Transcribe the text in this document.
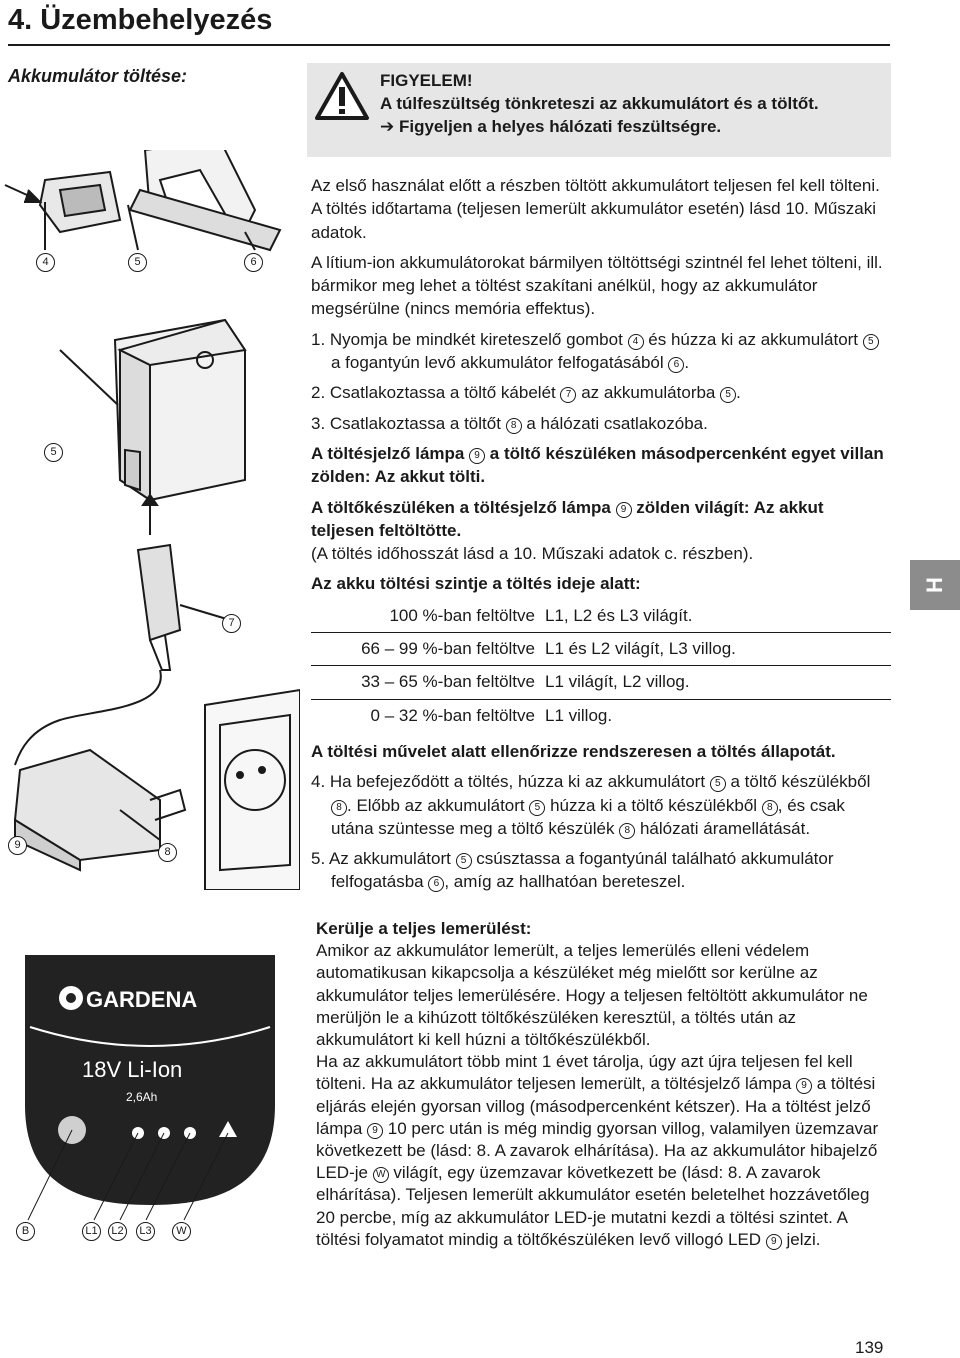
4. Üzembehelyezés
Akkumulátor töltése:	FIGYELEM!
A túlfeszültség tönkreteszi az akkumulátort és a töltőt.
➔ Figyeljen a helyes hálózati feszültségre.

Az első használat előtt a részben töltött akkumulátort teljesen fel kell tölteni. A töltés időtartama (teljesen lemerült akkumulátor esetén) lásd 10. Műszaki adatok.

A lítium-ion akkumulátorokat bármilyen töltöttségi szintnél fel lehet tölteni, ill. bármikor meg lehet a töltést szakítani anélkül, hogy az akkumulátor megsérülne (nincs memória effektus).

1. Nyomja be mindkét kireteszelő gombot 4 és húzza ki az akkumulátort 5 a fogantyún levő akkumulátor felfogatásából 6 .

2. Csatlakoztassa a töltő kábelét 7 az akkumulátorba 5 .

3. Csatlakoztassa a töltőt 8 a hálózati csatlakozóba.

A töltésjelző lámpa 9 a töltő készüléken másodpercenként egyet villan zölden: Az akkut tölti.

A töltőkészüléken a töltésjelző lámpa 9 zölden világít: Az akkut teljesen feltöltötte.

(A töltés időhosszát lásd a 10. Műszaki adatok c. részben).

Az akku töltési szintje a töltés ideje alatt:

100 %-ban feltöltve	L1, L2 és L3 világít.
66 – 99 %-ban feltöltve	L1 és L2 világít, L3 villog.
33 – 65 %-ban feltöltve	L1 világít, L2 villog.
0 – 32 %-ban feltöltve	L1 villog.

A töltési művelet alatt ellenőrizze rendszeresen a töltés állapotát.

4. Ha befejeződött a töltés, húzza ki az akkumulátort 5 a töltő készülékből 8 . Előbb az akkumulátort 5 húzza ki a töltő készülékből 8 , és csak utána szüntesse meg a töltő készülék 8 hálózati áramellátását.

5. Az akkumulátort 5 csúsztassa a fogantyúnál található akkumulátor felfogatásba 6 , amíg az hallhatóan bereteszel.

Kerülje a teljes lemerülést:

Amikor az akkumulátor lemerült, a teljes lemerülés elleni védelem automatikusan kikapcsolja a készüléket még mielőtt sor kerülne az akkumulátor teljes lemerülésére. Hogy a teljesen feltöltött akkumulátor ne merüljön le a kihúzott töltőkészüléken keresztül, a töltés után az akkumulátort ki kell húzni a töltőkészülékből.

Ha az akkumulátort több mint 1 évet tárolja, úgy azt újra teljesen fel kell tölteni. Ha az akkumulátor teljesen lemerült, a töltésjelző lámpa 9 a töltési eljárás elején gyorsan villog (másodpercenként kétszer). Ha a töltést jelző lámpa 9 10 perc után is még mindig gyorsan villog, valamilyen üzemzavar következett be (lásd: 8. A zavarok elhárítása). Ha az akkumulátor hibajelző LED-je W világít, egy üzemzavar következett be (lásd: 8. A zavarok elhárítása). Teljesen lemerült akkumulátor esetén beletelhet hozzávetőleg 20 percbe, míg az akkumulátor LED-je mutatni kezdi a töltési szintet. A töltési folyamatot mindig a töltőkészüléken levő villogó LED 9 jelzi.

4	5	6
5
7
9
8
GARDENA
18V Li-Ion
2,6Ah
B	L1	L2	L3	W
H
139
